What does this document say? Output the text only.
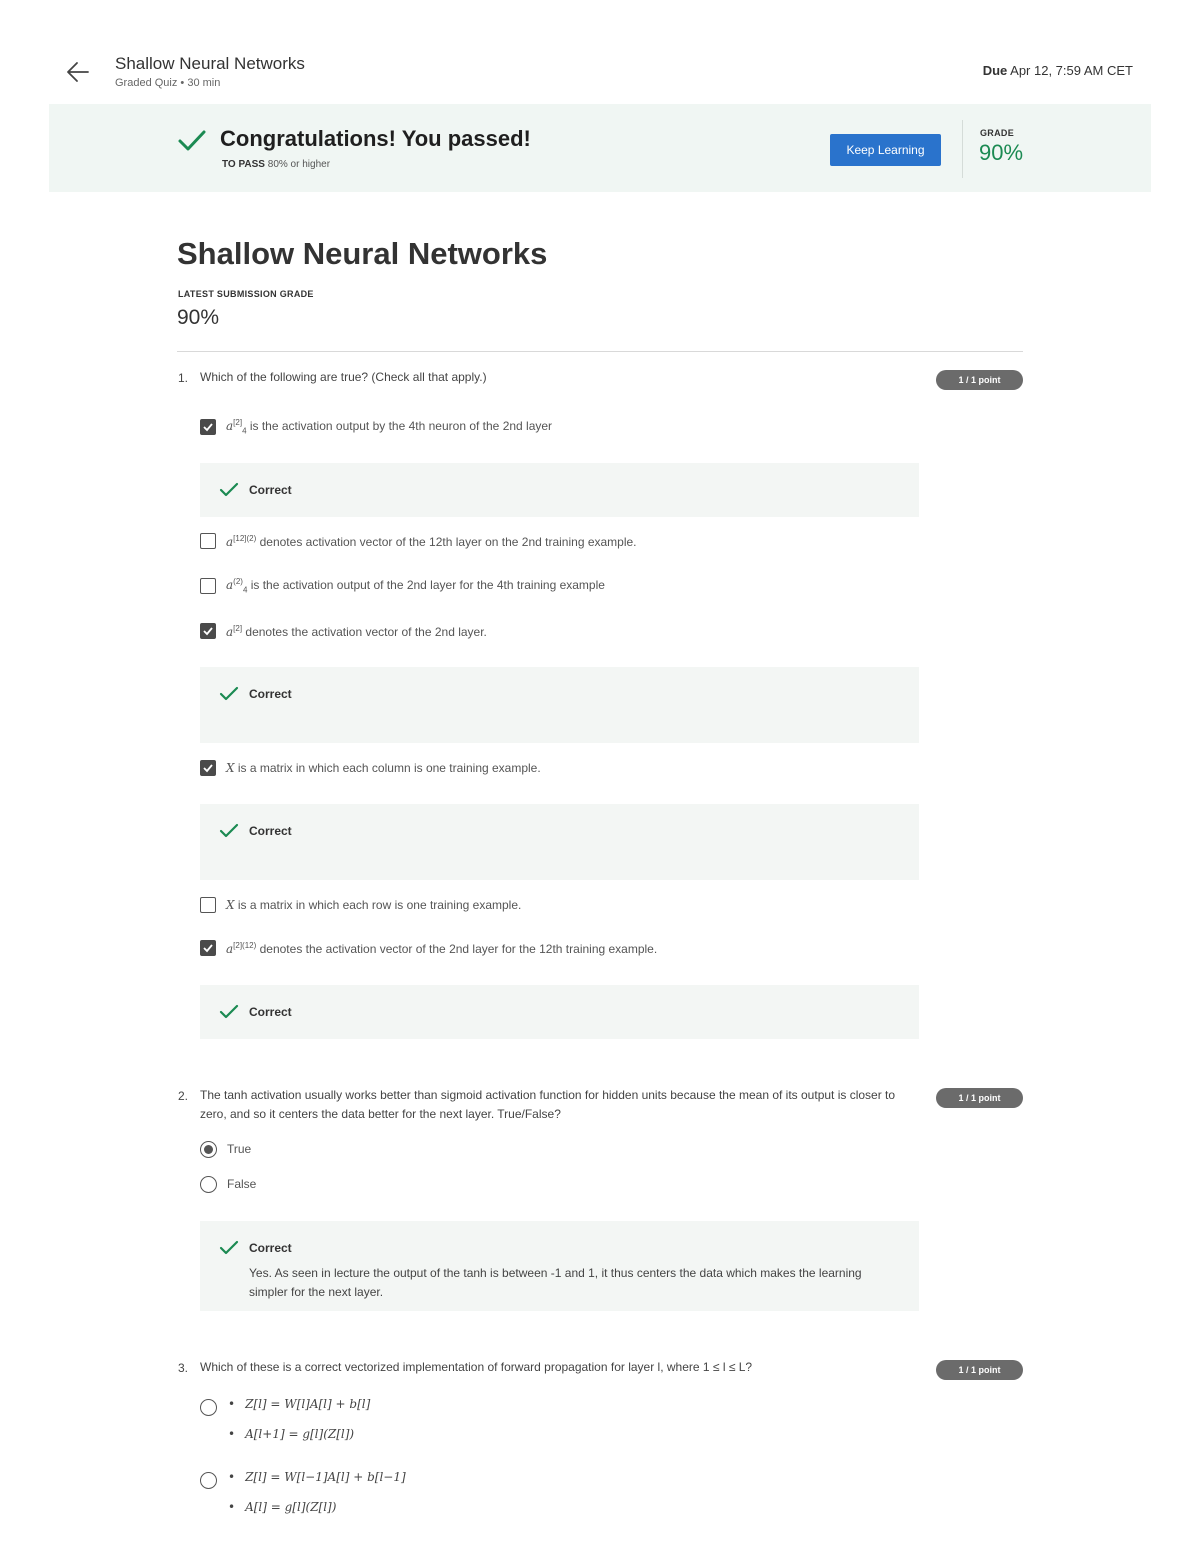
Shallow Neural Networks
Graded Quiz • 30 min
Due Apr 12, 7:59 AM CET
Congratulations! You passed!
TO PASS 80% or higher
Keep Learning
GRADE
90%
Shallow Neural Networks
LATEST SUBMISSION GRADE
90%
1. Which of the following are true? (Check all that apply.)	1 / 1 point
$a[2]_4$ is the activation output by the 4th neuron of the 2nd layer
Correct
$a^{[12](2)}$ denotes activation vector of the 12th layer on the 2nd training example.
$a^{(2)}_4$ is the activation output of the 2nd layer for the 4th training example
a[2] denotes the activation vector of the 2nd layer.
Correct
X is a matrix in which each column is one training example.
Correct
X is a matrix in which each row is one training example.
$a^{[2](12)}$ denotes the activation vector of the 2nd layer for the 12th training example.
Correct
2. The tanh activation usually works better than sigmoid activation function for hidden units because the mean of its output is closer to zero, and so it centers the data better for the next layer. True/False?
1 / 1 point
True
False
Correct
Yes. As seen in lecture the output of the tanh is between -1 and 1, it thus centers the data which makes the learning simpler for the next layer.
3. Which of these is a correct vectorized implementation of forward propagation for layer l, where 1 ≤ l ≤ L?	1 / 1 point
• Z[l] = W[l]A[l] + b[l]
• A[l+1] = g[l](Z[l])
• Z[l] = W[l−1]A[l] + b[l−1]
• A[l] = g[l](Z[l])
